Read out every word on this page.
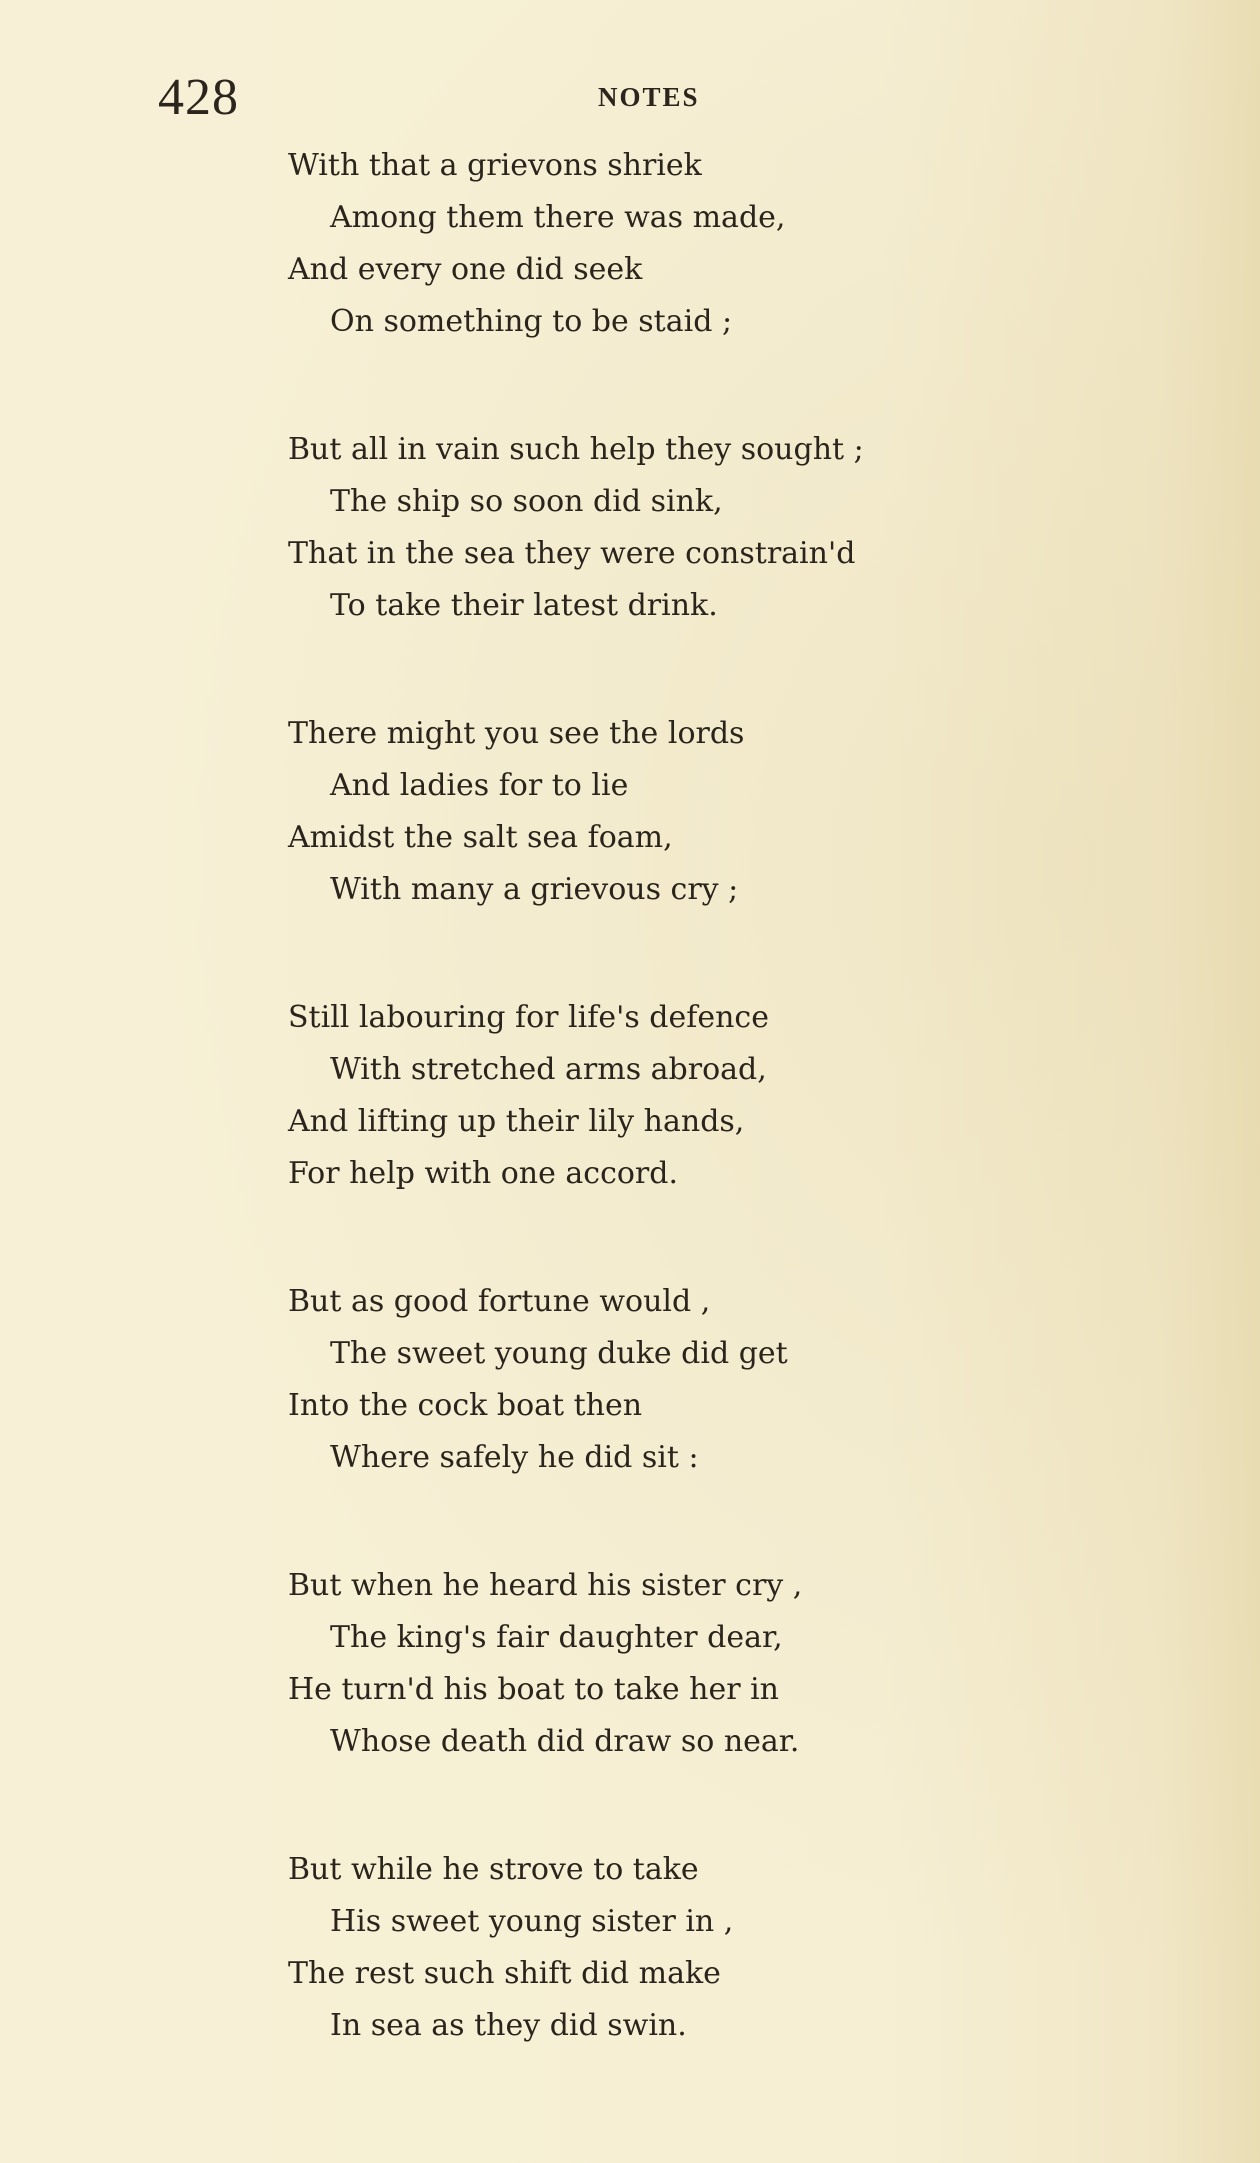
428	NOTES
With that a grievons shriek
Among them there was made,
And every one did seek
On something to be staid ;
But all in vain such help they sought ;
The ship so soon did sink,
That in the sea they were constrain'd
To take their latest drink.
There might you see the lords
And ladies for to lie
Amidst the salt sea foam,
With many a grievous cry ;
Still labouring for life's defence
With stretched arms abroad,
And lifting up their lily hands,
For help with one accord.
But as good fortune would ,
The sweet young duke did get
Into the cock boat then
Where safely he did sit :
But when he heard his sister cry ,
The king's fair daughter dear,
He turn'd his boat to take her in
Whose death did draw so near.
But while he strove to take
His sweet young sister in ,
The rest such shift did make
In sea as they did swin.
